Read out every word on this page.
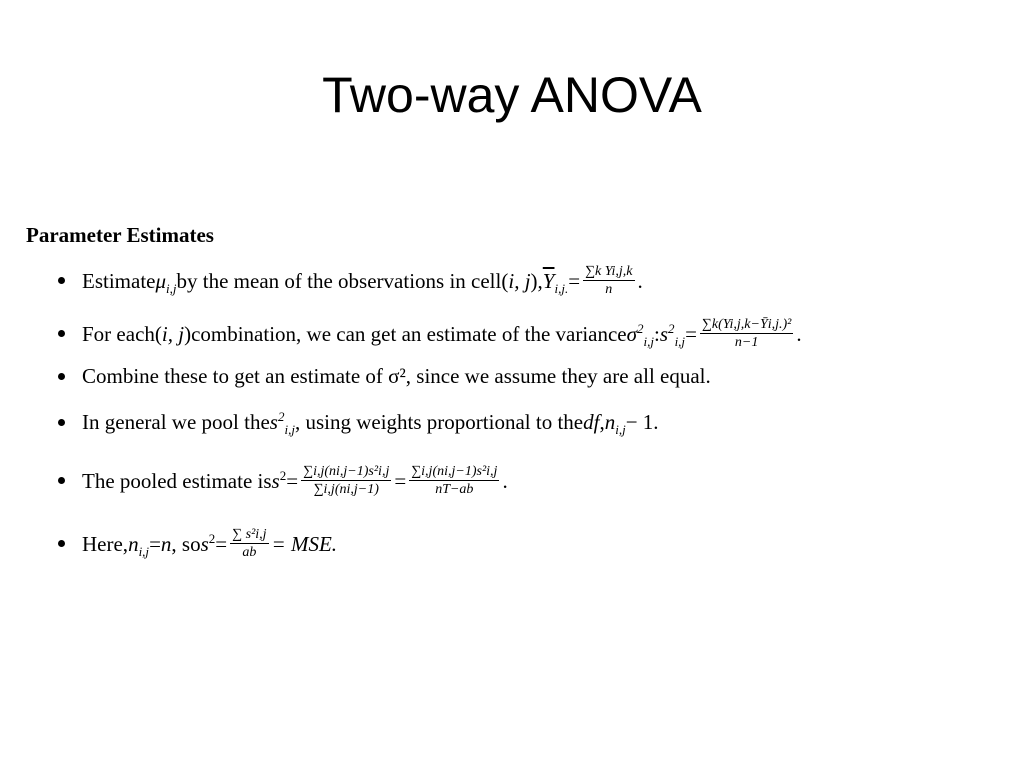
Two-way ANOVA
Parameter Estimates
Estimate $\mu_{i,j}$ by the mean of the observations in cell (i, j) , $\overline{Y}_{i,j.} = \frac{\text{∑k Yi,j,k}}{n}$ .
For each (i, j) combination, we can get an estimate of the variance $\sigma^2_{i,j}$ : $s^2_{i,j} = \frac{\text{∑k(Yi,j,k−Ȳi,j.)²}}{n-1}$ .
Combine these to get an estimate of σ², since we assume they are all equal.
In general we pool the $s^2_{i,j}$ , using weights proportional to the df , $n_{i,j} - 1$.
The pooled estimate is $s^2 = \frac{\text{∑i,j(ni,j−1)s²i,j}}{\sum i,j(ni,j-1)} = \frac{\text{∑i,j(ni,j−1)s²i,j}}{nT-ab}$ .
Here, $n_{i,j} = n$ , so $s^2 = \frac{\text{∑ s²i,j}}{ab}$ = MSE.
